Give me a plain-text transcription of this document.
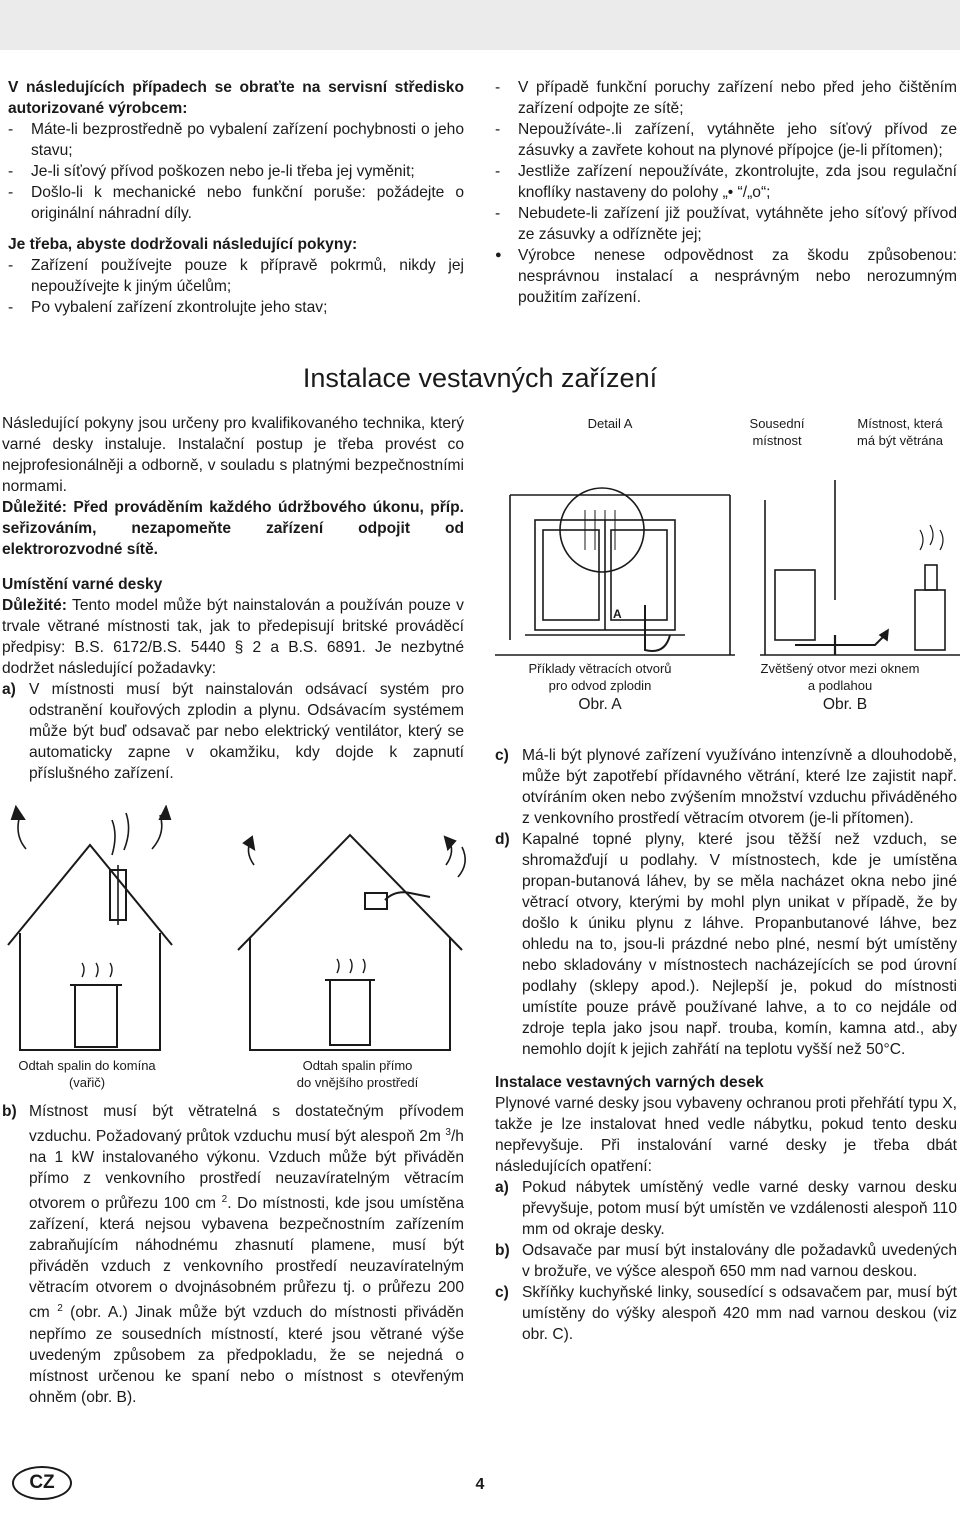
V následujících případech se obraťte na servisní středisko autorizované výrobcem:

-	Máte-li bezprostředně po vybalení zařízení pochybnosti o jeho stavu;
-	Je-li síťový přívod poškozen nebo je-li třeba jej vyměnit;
-	Došlo-li k mechanické nebo funkční poruše: požádejte o originální náhradní díly.

Je třeba, abyste dodržovali následující pokyny:

-	Zařízení používejte pouze k přípravě pokrmů, nikdy jej nepoužívejte k jiným účelům;
-	Po vybalení zařízení zkontrolujte jeho stav;
-	V případě funkční poruchy zařízení nebo před jeho čištěním zařízení odpojte ze sítě;
-	Nepoužíváte-.li zařízení, vytáhněte jeho síťový přívod ze zásuvky a zavřete kohout na plynové přípojce (je-li přítomen);
-	Jestliže zařízení nepoužíváte, zkontrolujte, zda jsou regulační knoflíky nastaveny do polohy „• “/„o“;
-	Nebudete-li zařízení již používat, vytáhněte jeho síťový přívod ze zásuvky a odřízněte jej;
●	Výrobce nenese odpovědnost za škodu způsobenou: nesprávnou instalací a nesprávným nebo nerozumným použitím zařízení.
Instalace vestavných zařízení

Následující pokyny jsou určeny pro kvalifikovaného technika, který varné desky instaluje. Instalační postup je třeba provést co nejprofesionálněji a odborně, v souladu s platnými bezpečnostními normami.

Důležité: Před prováděním každého údržbového úkonu, příp. seřizováním, nezapomeňte zařízení odpojit od elektrorozvodné sítě.

Umístění varné desky

Důležité: Tento model může být nainstalován a používán pouze v trvale větrané místnosti tak, jak to předepisují britské prováděcí předpisy: B.S. 6172/B.S. 5440 § 2 a B.S. 6891. Je nezbytné dodržet následující požadavky:

a) V místnosti musí být nainstalován odsávací systém pro odstranění kouřových zplodin a plynu. Odsávacím systémem může být buď odsavač par nebo elektrický ventilátor, který se automaticky zapne v okamžiku, kdy dojde k zapnutí příslušného zařízení.
Odtah spalin do komína
(vařič)
Odtah spalin přímo
do vnějšího prostředí
b) Místnost musí být větratelná s dostatečným přívodem vzduchu. Požadovaný průtok vzduchu musí být alespoň 2m $^3$/h na 1 kW instalovaného výkonu. Vzduch může být přiváděn přímo z venkovního prostředí neuzavíratelným větracím otvorem o průřezu 100 cm $^2$. Do místnosti, kde jsou umístěna zařízení, která nejsou vybavena bezpečnostním zařízením zabraňujícím náhodnému zhasnutí plamene, musí být přiváděn vzduch z venkovního prostředí neuzavíratelným větracím otvorem o dvojnásobném průřezu tj. o průřezu 200 cm $^2$ (obr. A.) Jinak může být vzduch do místnosti přiváděn nepřímo ze sousedních místností, které jsou větrané výše uvedeným způsobem za předpokladu, že se nejedná o místnost určenou ke spaní nebo o místnost s otevřeným ohněm (obr. B).
Detail A	Sousední
místnost
Místnost, která
má být větrána
A
Příklady větracích otvorů
pro odvod zplodin
Obr. A
Zvětšený otvor mezi oknem
a podlahou
Obr. B
c) Má-li být plynové zařízení využíváno intenzívně a dlouhodobě, může být zapotřebí přídavného větrání, které lze zajistit např. otvíráním oken nebo zvýšením množství vzduchu přiváděného z venkovního prostředí větracím otvorem (je-li přítomen).
d) Kapalné topné plyny, které jsou těžší než vzduch, se shromažďují u podlahy. V místnostech, kde je umístěna propan-butanová láhev, by se měla nacházet okna nebo jiné větrací otvory, kterými by mohl plyn unikat v případě, že by došlo k úniku plynu z láhve. Propanbutanové láhve, bez ohledu na to, jsou-li prázdné nebo plné, nesmí být umístěny nebo skladovány v místnostech nacházejících se pod úrovní podlahy (sklepy apod.). Nejlepší je, pokud do místnosti umístíte pouze právě používané lahve, a to co nejdále od zdroje tepla jako jsou např. trouba, komín, kamna atd., aby nemohlo dojít k jejich zahřátí na teplotu vyšší než 50°C.

Instalace vestavných varných desek

Plynové varné desky jsou vybaveny ochranou proti přehřátí typu X, takže je lze instalovat hned vedle nábytku, pokud tento desku nepřevyšuje. Při instalování varné desky je třeba dbát následujících opatření:

a) Pokud nábytek umístěný vedle varné desky varnou desku převyšuje, potom musí být umístěn ve vzdálenosti alespoň 110 mm od okraje desky.
b) Odsavače par musí být instalovány dle požadavků uvedených v brožuře, ve výšce alespoň 650 mm nad varnou deskou.
c) Skříňky kuchyňské linky, sousedící s odsavačem par, musí být umístěny do výšky alespoň 420 mm nad varnou deskou (viz obr. C).
CZ	4
